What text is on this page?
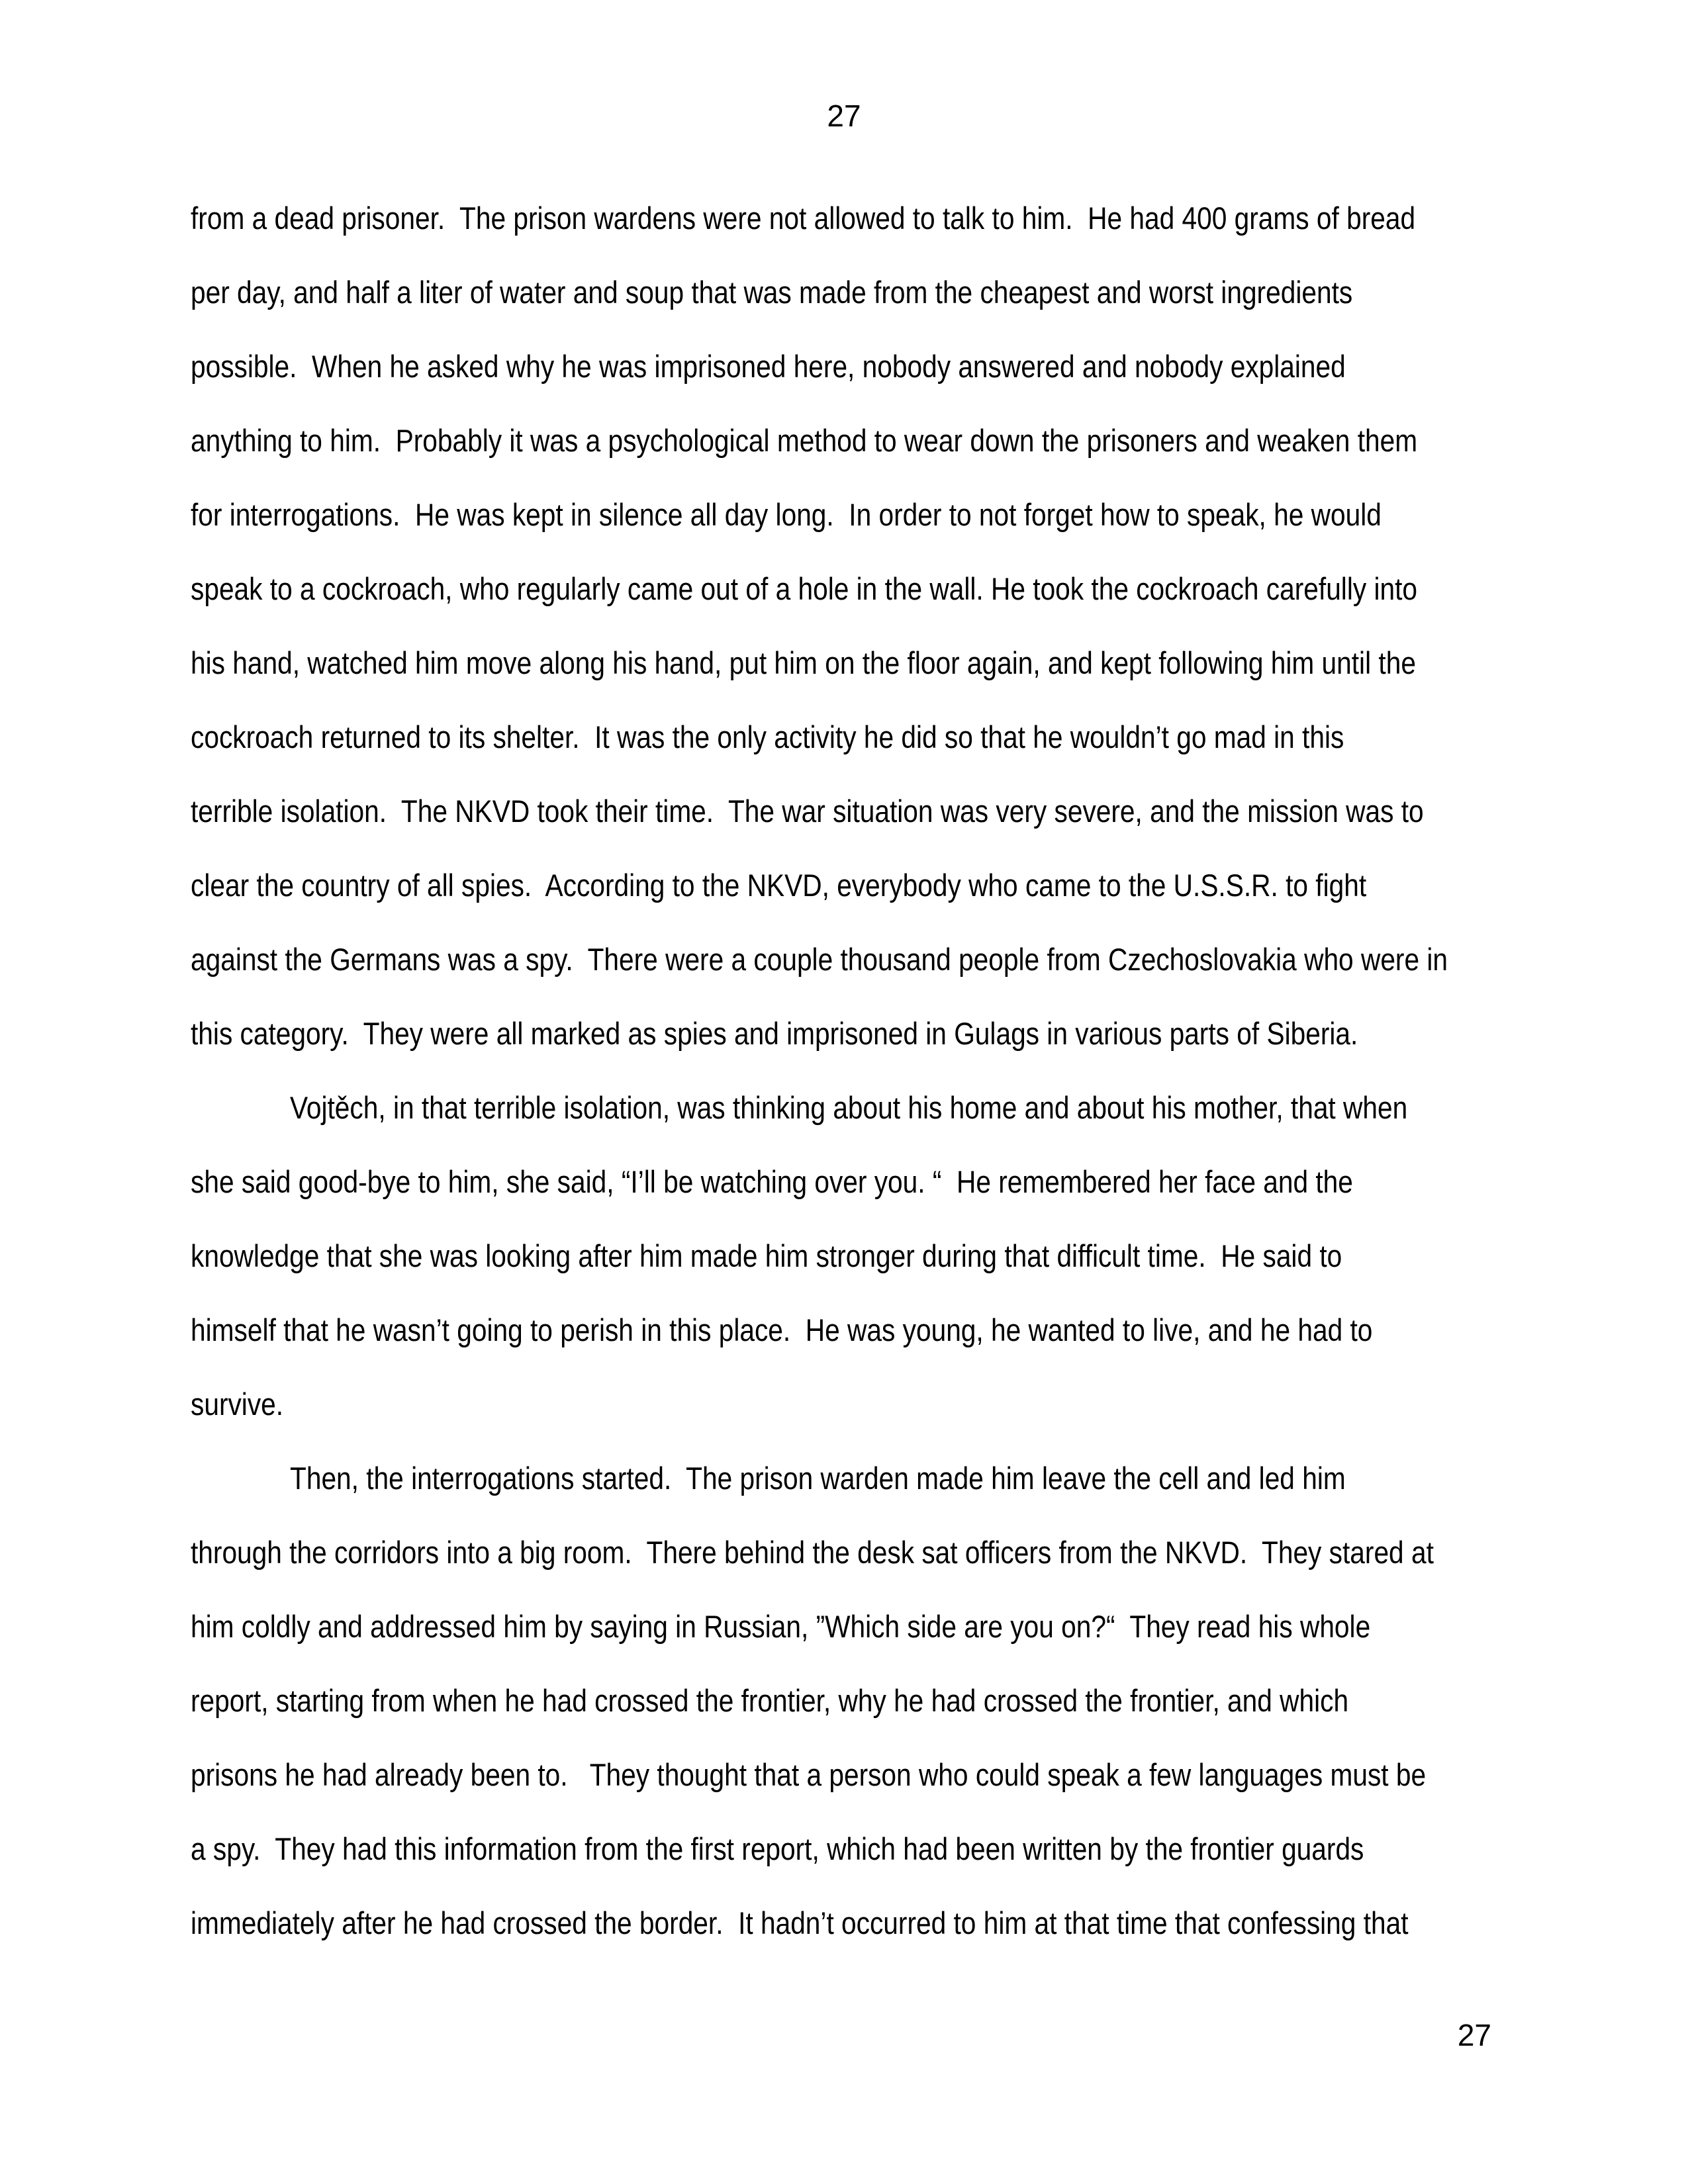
27
from a dead prisoner.  The prison wardens were not allowed to talk to him.  He had 400 grams of bread
per day, and half a liter of water and soup that was made from the cheapest and worst ingredients
possible.  When he asked why he was imprisoned here, nobody answered and nobody explained
anything to him.  Probably it was a psychological method to wear down the prisoners and weaken them
for interrogations.  He was kept in silence all day long.  In order to not forget how to speak, he would
speak to a cockroach, who regularly came out of a hole in the wall. He took the cockroach carefully into
his hand, watched him move along his hand, put him on the floor again, and kept following him until the
cockroach returned to its shelter.  It was the only activity he did so that he wouldn’t go mad in this
terrible isolation.  The NKVD took their time.  The war situation was very severe, and the mission was to
clear the country of all spies.  According to the NKVD, everybody who came to the U.S.S.R. to fight
against the Germans was a spy.  There were a couple thousand people from Czechoslovakia who were in
this category.  They were all marked as spies and imprisoned in Gulags in various parts of Siberia.
Vojtěch, in that terrible isolation, was thinking about his home and about his mother, that when
she said good-bye to him, she said, “I’ll be watching over you. “  He remembered her face and the
knowledge that she was looking after him made him stronger during that difficult time.  He said to
himself that he wasn’t going to perish in this place.  He was young, he wanted to live, and he had to
survive.
Then, the interrogations started.  The prison warden made him leave the cell and led him
through the corridors into a big room.  There behind the desk sat officers from the NKVD.  They stared at
him coldly and addressed him by saying in Russian, ”Which side are you on?“  They read his whole
report, starting from when he had crossed the frontier, why he had crossed the frontier, and which
prisons he had already been to.   They thought that a person who could speak a few languages must be
a spy.  They had this information from the first report, which had been written by the frontier guards
immediately after he had crossed the border.  It hadn’t occurred to him at that time that confessing that
27
